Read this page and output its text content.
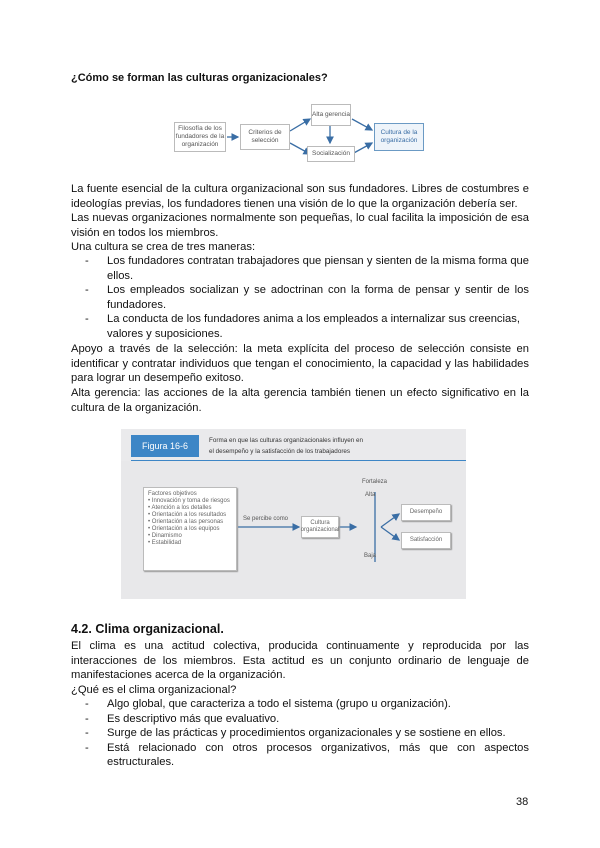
¿Cómo se forman las culturas organizacionales?
Filosofía de los fundadores de la organización
Criterios de selección
Alta gerencia
Socialización
Cultura de la organización
La fuente esencial de la cultura organizacional son sus fundadores. Libres de costumbres e ideologías previas, los fundadores tienen una visión de lo que la organización debería ser.
Las nuevas organizaciones normalmente son pequeñas, lo cual facilita la imposición de esa visión en todos los miembros.
Una cultura se crea de tres maneras:
- Los fundadores contratan trabajadores que piensan y sienten de la misma forma que ellos.
- Los empleados socializan y se adoctrinan con la forma de pensar y sentir de los fundadores.
- La conducta de los fundadores anima a los empleados a internalizar sus creencias, valores y suposiciones.
Apoyo a través de la selección: la meta explícita del proceso de selección consiste en identificar y contratar individuos que tengan el conocimiento, la capacidad y las habilidades para lograr un desempeño exitoso.
Alta gerencia: las acciones de la alta gerencia también tienen un efecto significativo en la cultura de la organización.
Figura 16-6
Forma en que las culturas organizacionales influyen en
el desempeño y la satisfacción de los trabajadores
Factores objetivos
• Innovación y toma de riesgos
• Atención a los detalles
• Orientación a los resultados
• Orientación a las personas
• Orientación a los equipos
• Dinamismo
• Estabilidad
Se percibe como
Cultura organizacional
Fortaleza
Alta
Baja
Desempeño
Satisfacción
4.2. Clima organizacional.
El clima es una actitud colectiva, producida continuamente y reproducida por las interacciones de los miembros. Esta actitud es un conjunto ordinario de lenguaje de manifestaciones acerca de la organización.
¿Qué es el clima organizacional?
- Algo global, que caracteriza a todo el sistema (grupo u organización).
- Es descriptivo más que evaluativo.
- Surge de las prácticas y procedimientos organizacionales y se sostiene en ellos.
- Está relacionado con otros procesos organizativos, más que con aspectos estructurales.
38
